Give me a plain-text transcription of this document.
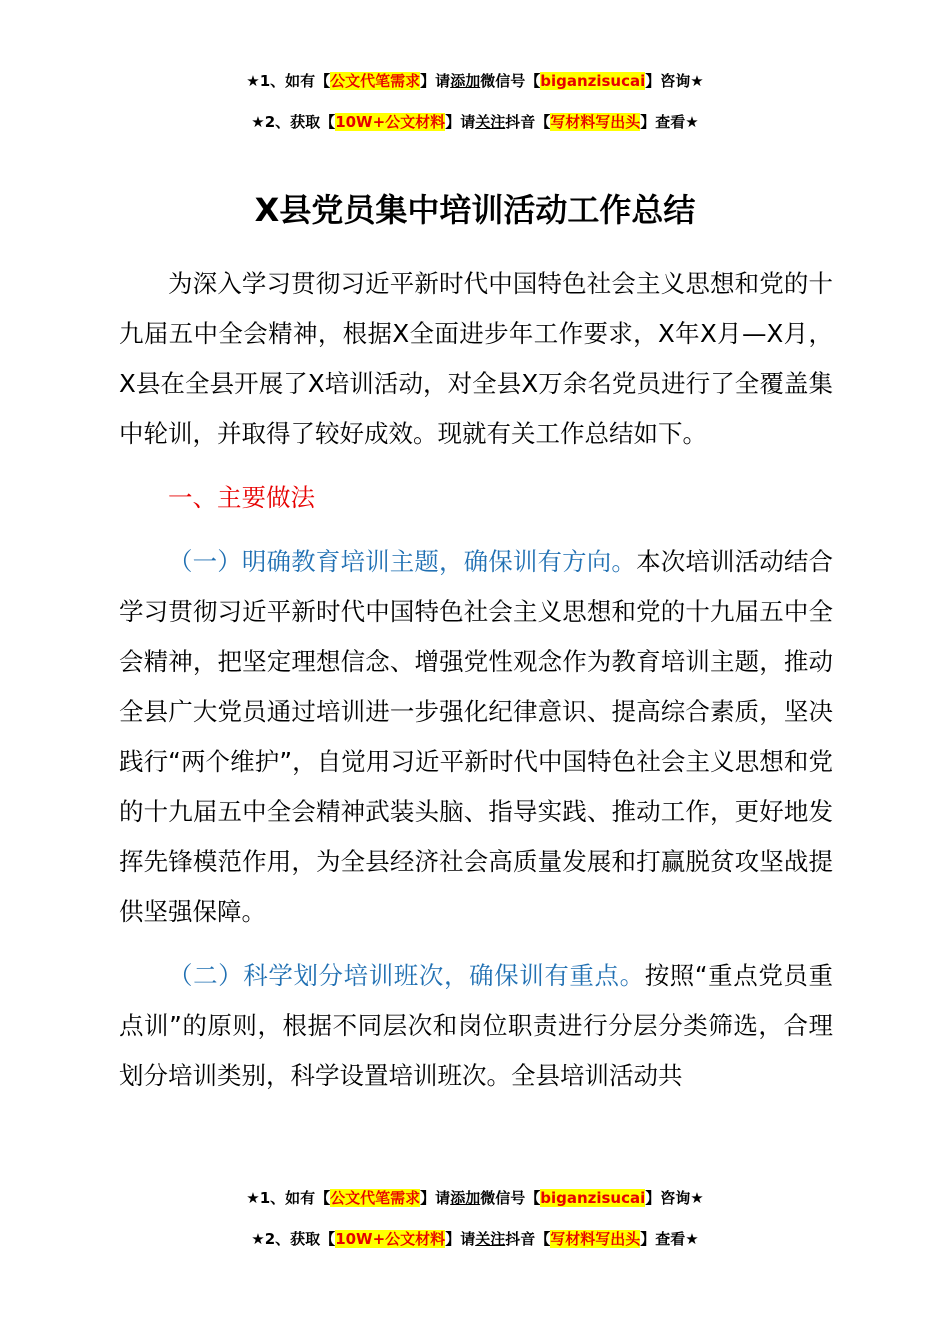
★1、如有【公文代笔需求】请添加微信号【biganzisucai】咨询★
★2、获取【10W+公文材料】请关注抖音【写材料写出头】查看★
X县党员集中培训活动工作总结

为深入学习贯彻习近平新时代中国特色社会主义思想和党的十九届五中全会精神，根据X全面进步年工作要求，X年X月—X月，X县在全县开展了X培训活动，对全县X万余名党员进行了全覆盖集中轮训，并取得了较好成效。现就有关工作总结如下。

一、主要做法

（一）明确教育培训主题，确保训有方向。本次培训活动结合学习贯彻习近平新时代中国特色社会主义思想和党的十九届五中全会精神，把坚定理想信念、增强党性观念作为教育培训主题，推动全县广大党员通过培训进一步强化纪律意识、提高综合素质，坚决践行“两个维护”，自觉用习近平新时代中国特色社会主义思想和党的十九届五中全会精神武装头脑、指导实践、推动工作，更好地发挥先锋模范作用，为全县经济社会高质量发展和打赢脱贫攻坚战提供坚强保障。

（二）科学划分培训班次，确保训有重点。按照“重点党员重点训”的原则，根据不同层次和岗位职责进行分层分类筛选，合理划分培训类别，科学设置培训班次。全县培训活动共

★1、如有【公文代笔需求】请添加微信号【biganzisucai】咨询★
★2、获取【10W+公文材料】请关注抖音【写材料写出头】查看★
